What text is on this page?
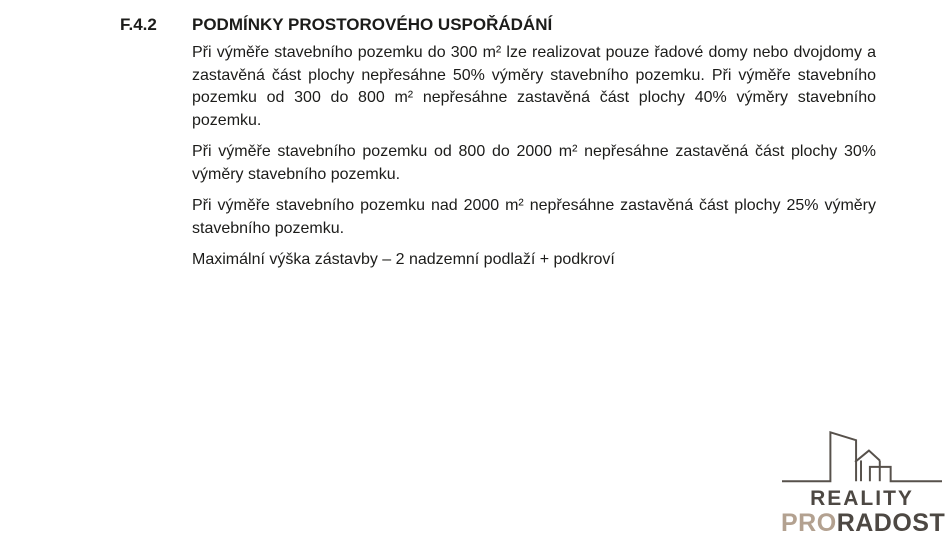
F.4.2	PODMÍNKY PROSTOROVÉHO USPOŘÁDÁNÍ

Při výměře stavebního pozemku do 300 m² lze realizovat pouze řadové domy nebo dvojdomy a zastavěná část plochy nepřesáhne 50% výměry stavebního pozemku. Při výměře stavebního pozemku od 300 do 800 m² nepřesáhne zastavěná část plochy 40% výměry stavebního pozemku.

Při výměře stavebního pozemku od 800 do 2000 m² nepřesáhne zastavěná část plochy 30% výměry stavebního pozemku.

Při výměře stavebního pozemku nad 2000 m² nepřesáhne zastavěná část plochy 25% výměry stavebního pozemku.

Maximální výška zástavby – 2 nadzemní podlaží + podkroví

REALITY
PRORADOST
